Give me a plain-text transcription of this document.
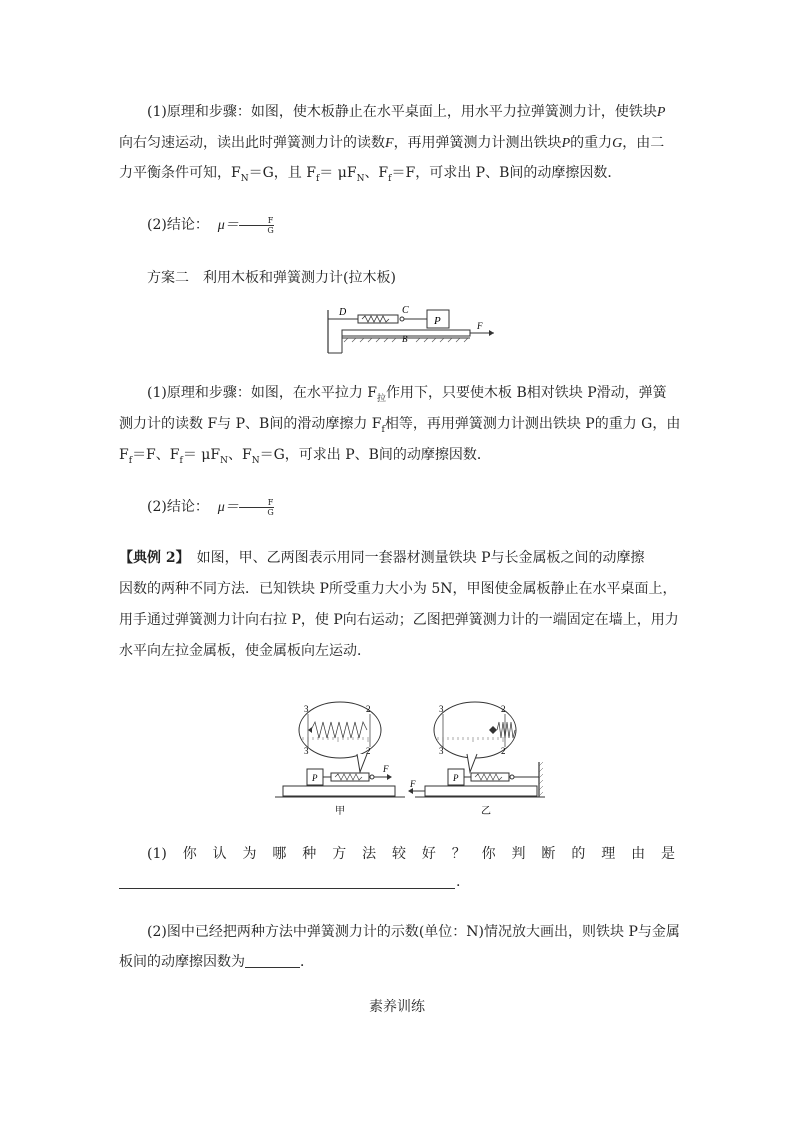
(1)原理和步骤：如图，使木板静止在水平桌面上，用水平力拉弹簧测力计，使铁块P
向右匀速运动，读出此时弹簧测力计的读数F，再用弹簧测力计测出铁块P的重力G，由二
力平衡条件可知，$F_N=G$，且 $F_f= \mu F_N$、$F_f=F$，可求出 P、B间的动摩擦因数．
(2)结论： $\mu= \frac{F}{G}$
方案二　利用木板和弹簧测力计(拉木板)
P
D	C
B
F
(1)原理和步骤：如图，在水平拉力 $F_拉$作用下，只要使木板 B相对铁块 P滑动，弹簧
测力计的读数 F与 P、B间的滑动摩擦力 $F_f$相等，再用弹簧测力计测出铁块 P的重力 G，由
$F_f=F$、$F_f= \mu F_N$、$F_N=G$，可求出 P、B间的动摩擦因数．
(2)结论： $\mu= \frac{F}{G}$
【典例 2】　如图，甲、乙两图表示用同一套器材测量铁块 P与长金属板之间的动摩擦
因数的两种不同方法．已知铁块 P所受重力大小为 5N，甲图使金属板静止在水平桌面上，
用手通过弹簧测力计向右拉 P，使 P向右运动；乙图把弹簧测力计的一端固定在墙上，用力
水平向左拉金属板，使金属板向左运动．
3	2
3	2
3	2
3	2
P
F
甲
F
P
乙
(1) 你 认 为 哪 种 方 法 较 好 ？ 你 判 断 的 理 由 是
.
(2)图中已经把两种方法中弹簧测力计的示数(单位：N)情况放大画出，则铁块 P与金属
板间的动摩擦因数为	．
素养训练
